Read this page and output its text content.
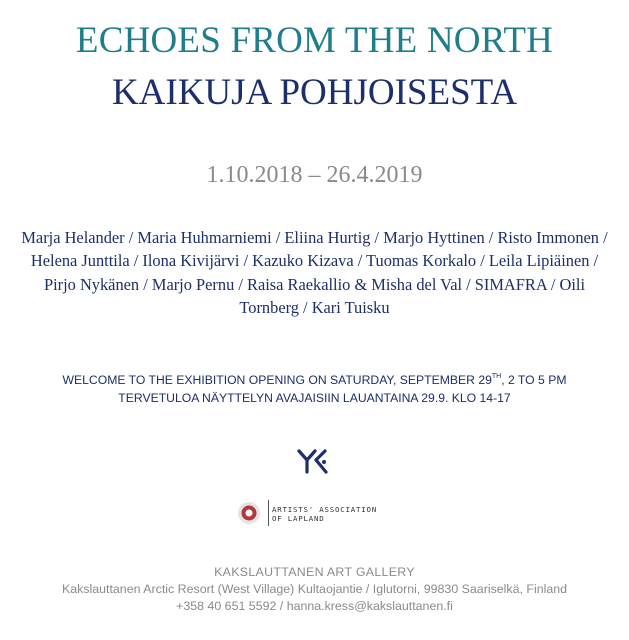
ECHOES FROM THE NORTH
KAIKUJA POHJOISESTA
1.10.2018 – 26.4.2019
Marja Helander / Maria Huhmarniemi / Eliina Hurtig / Marjo Hyttinen / Risto Immonen / Helena Junttila / Ilona Kivijärvi / Kazuko Kizava / Tuomas Korkalo / Leila Lipiäinen / Pirjo Nykänen / Marjo Pernu / Raisa Raekallio & Misha del Val / SIMAFRA / Oili Tornberg / Kari Tuisku
WELCOME TO THE EXHIBITION OPENING ON SATURDAY, SEPTEMBER 29TH, 2 TO 5 PM
TERVETULOA NÄYTTELYN AVAJAISIIN LAUANTAINA 29.9. KLO 14-17
ARTISTS' ASSOCIATION
OF LAPLAND
KAKSLAUTTANEN ART GALLERY
Kakslauttanen Arctic Resort (West Village) Kultaojantie / Iglutorni, 99830 Saariselkä, Finland
+358 40 651 5592 / hanna.kress@kakslauttanen.fi
